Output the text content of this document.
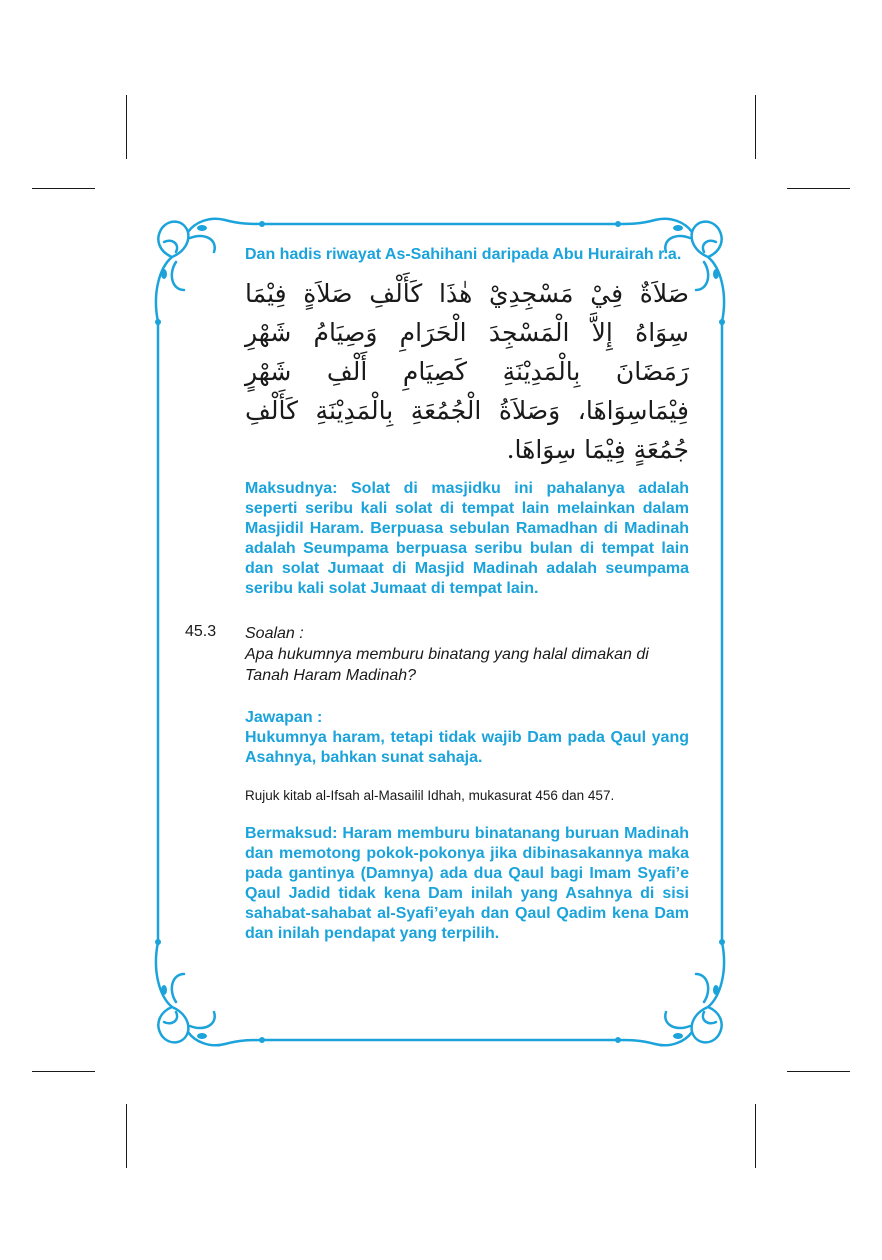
Dan hadis riwayat As-Sahihani daripada Abu Hurairah r.a.

صَلاَةٌ فِيْ مَسْجِدِيْ هٰذَا كَأَلْفِ صَلاَةٍ فِيْمَا سِوَاهُ إِلاَّ الْمَسْجِدَ الْحَرَامِ وَصِيَامُ شَهْرِ رَمَضَانَ بِالْمَدِيْنَةِ كَصِيَامِ أَلْفِ شَهْرٍ فِيْمَاسِوَاهَا، وَصَلاَةُ الْجُمُعَةِ بِالْمَدِيْنَةِ كَأَلْفِ جُمُعَةٍ فِيْمَا سِوَاهَا.

Maksudnya: Solat di masjidku ini pahalanya adalah seperti seribu kali solat di tempat lain melainkan dalam Masjidil Haram. Berpuasa sebulan Ramadhan di Madinah adalah Seumpama berpuasa seribu bulan di tempat lain dan solat Jumaat di Masjid Madinah adalah seumpama seribu kali solat Jumaat di tempat lain.

45.3 Soalan :

Apa hukumnya memburu binatang yang halal dimakan di Tanah Haram Madinah?

Jawapan :

Hukumnya haram, tetapi tidak wajib Dam pada Qaul yang Asahnya, bahkan sunat sahaja.

Rujuk kitab al-Ifsah al-Masailil Idhah, mukasurat 456 dan 457.

Bermaksud: Haram memburu binatanang buruan Madinah dan memotong pokok-pokonya jika dibinasakannya maka pada gantinya (Damnya) ada dua Qaul bagi Imam Syafi’e Qaul Jadid tidak kena Dam inilah yang Asahnya di sisi sahabat-sahabat al-Syafi’eyah dan Qaul Qadim kena Dam dan inilah pendapat yang terpilih.
